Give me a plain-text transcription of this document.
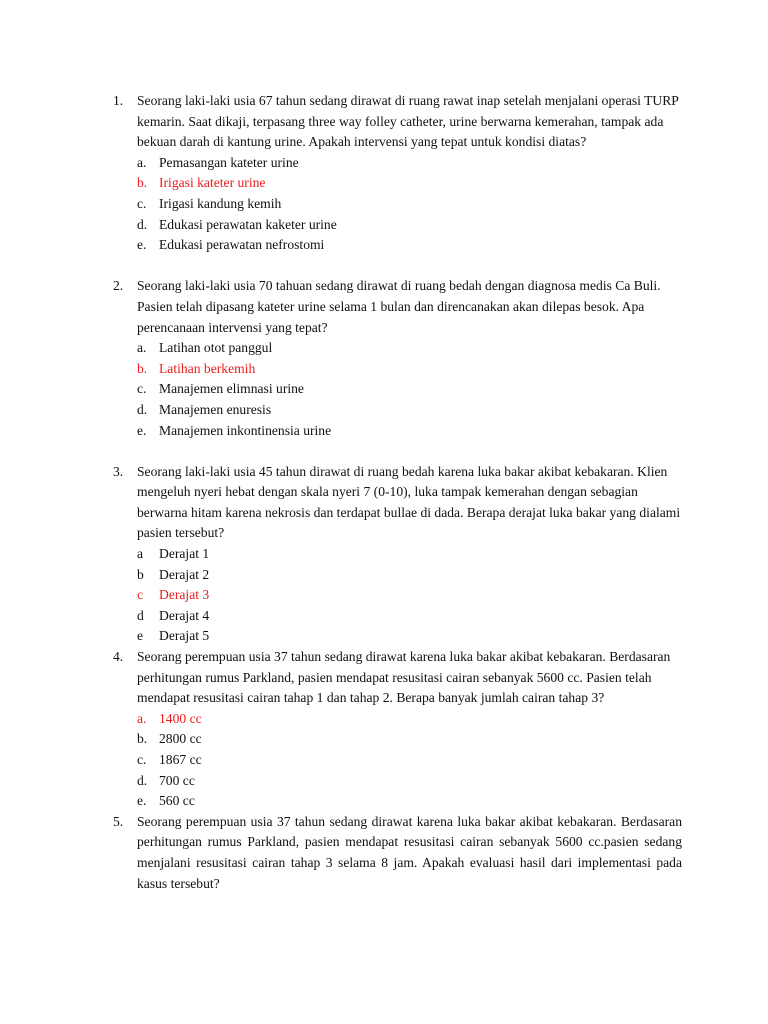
1. Seorang laki-laki usia 67 tahun sedang dirawat di ruang rawat inap setelah menjalani operasi TURP kemarin. Saat dikaji, terpasang three way folley catheter, urine berwarna kemerahan, tampak ada bekuan darah di kantung urine. Apakah intervensi yang tepat untuk kondisi diatas?
a. Pemasangan kateter urine
b. Irigasi kateter urine
c. Irigasi kandung kemih
d. Edukasi perawatan kaketer urine
e. Edukasi perawatan nefrostomi
2. Seorang laki-laki usia 70 tahuan sedang dirawat di ruang bedah dengan diagnosa medis Ca Buli. Pasien telah dipasang kateter urine selama 1 bulan dan direncanakan akan dilepas besok. Apa perencanaan intervensi yang tepat?
a. Latihan otot panggul
b. Latihan berkemih
c. Manajemen elimnasi urine
d. Manajemen enuresis
e. Manajemen inkontinensia urine
3. Seorang laki-laki usia 45 tahun dirawat di ruang bedah karena luka bakar akibat kebakaran. Klien mengeluh nyeri hebat dengan skala nyeri 7 (0-10), luka tampak kemerahan dengan sebagian berwarna hitam karena nekrosis dan terdapat bullae di dada. Berapa derajat luka bakar yang dialami pasien tersebut?
a Derajat 1
b Derajat 2
c Derajat 3
d Derajat 4
e Derajat 5
4. Seorang perempuan usia 37 tahun sedang dirawat karena luka bakar akibat kebakaran. Berdasaran perhitungan rumus Parkland, pasien mendapat resusitasi cairan sebanyak 5600 cc. Pasien telah mendapat resusitasi cairan tahap 1 dan tahap 2. Berapa banyak jumlah cairan tahap 3?
a. 1400 cc
b. 2800 cc
c. 1867 cc
d. 700 cc
e. 560 cc
5. Seorang perempuan usia 37 tahun sedang dirawat karena luka bakar akibat kebakaran. Berdasaran perhitungan rumus Parkland, pasien mendapat resusitasi cairan sebanyak 5600 cc.pasien sedang menjalani resusitasi cairan tahap 3 selama 8 jam. Apakah evaluasi hasil dari implementasi pada kasus tersebut?
